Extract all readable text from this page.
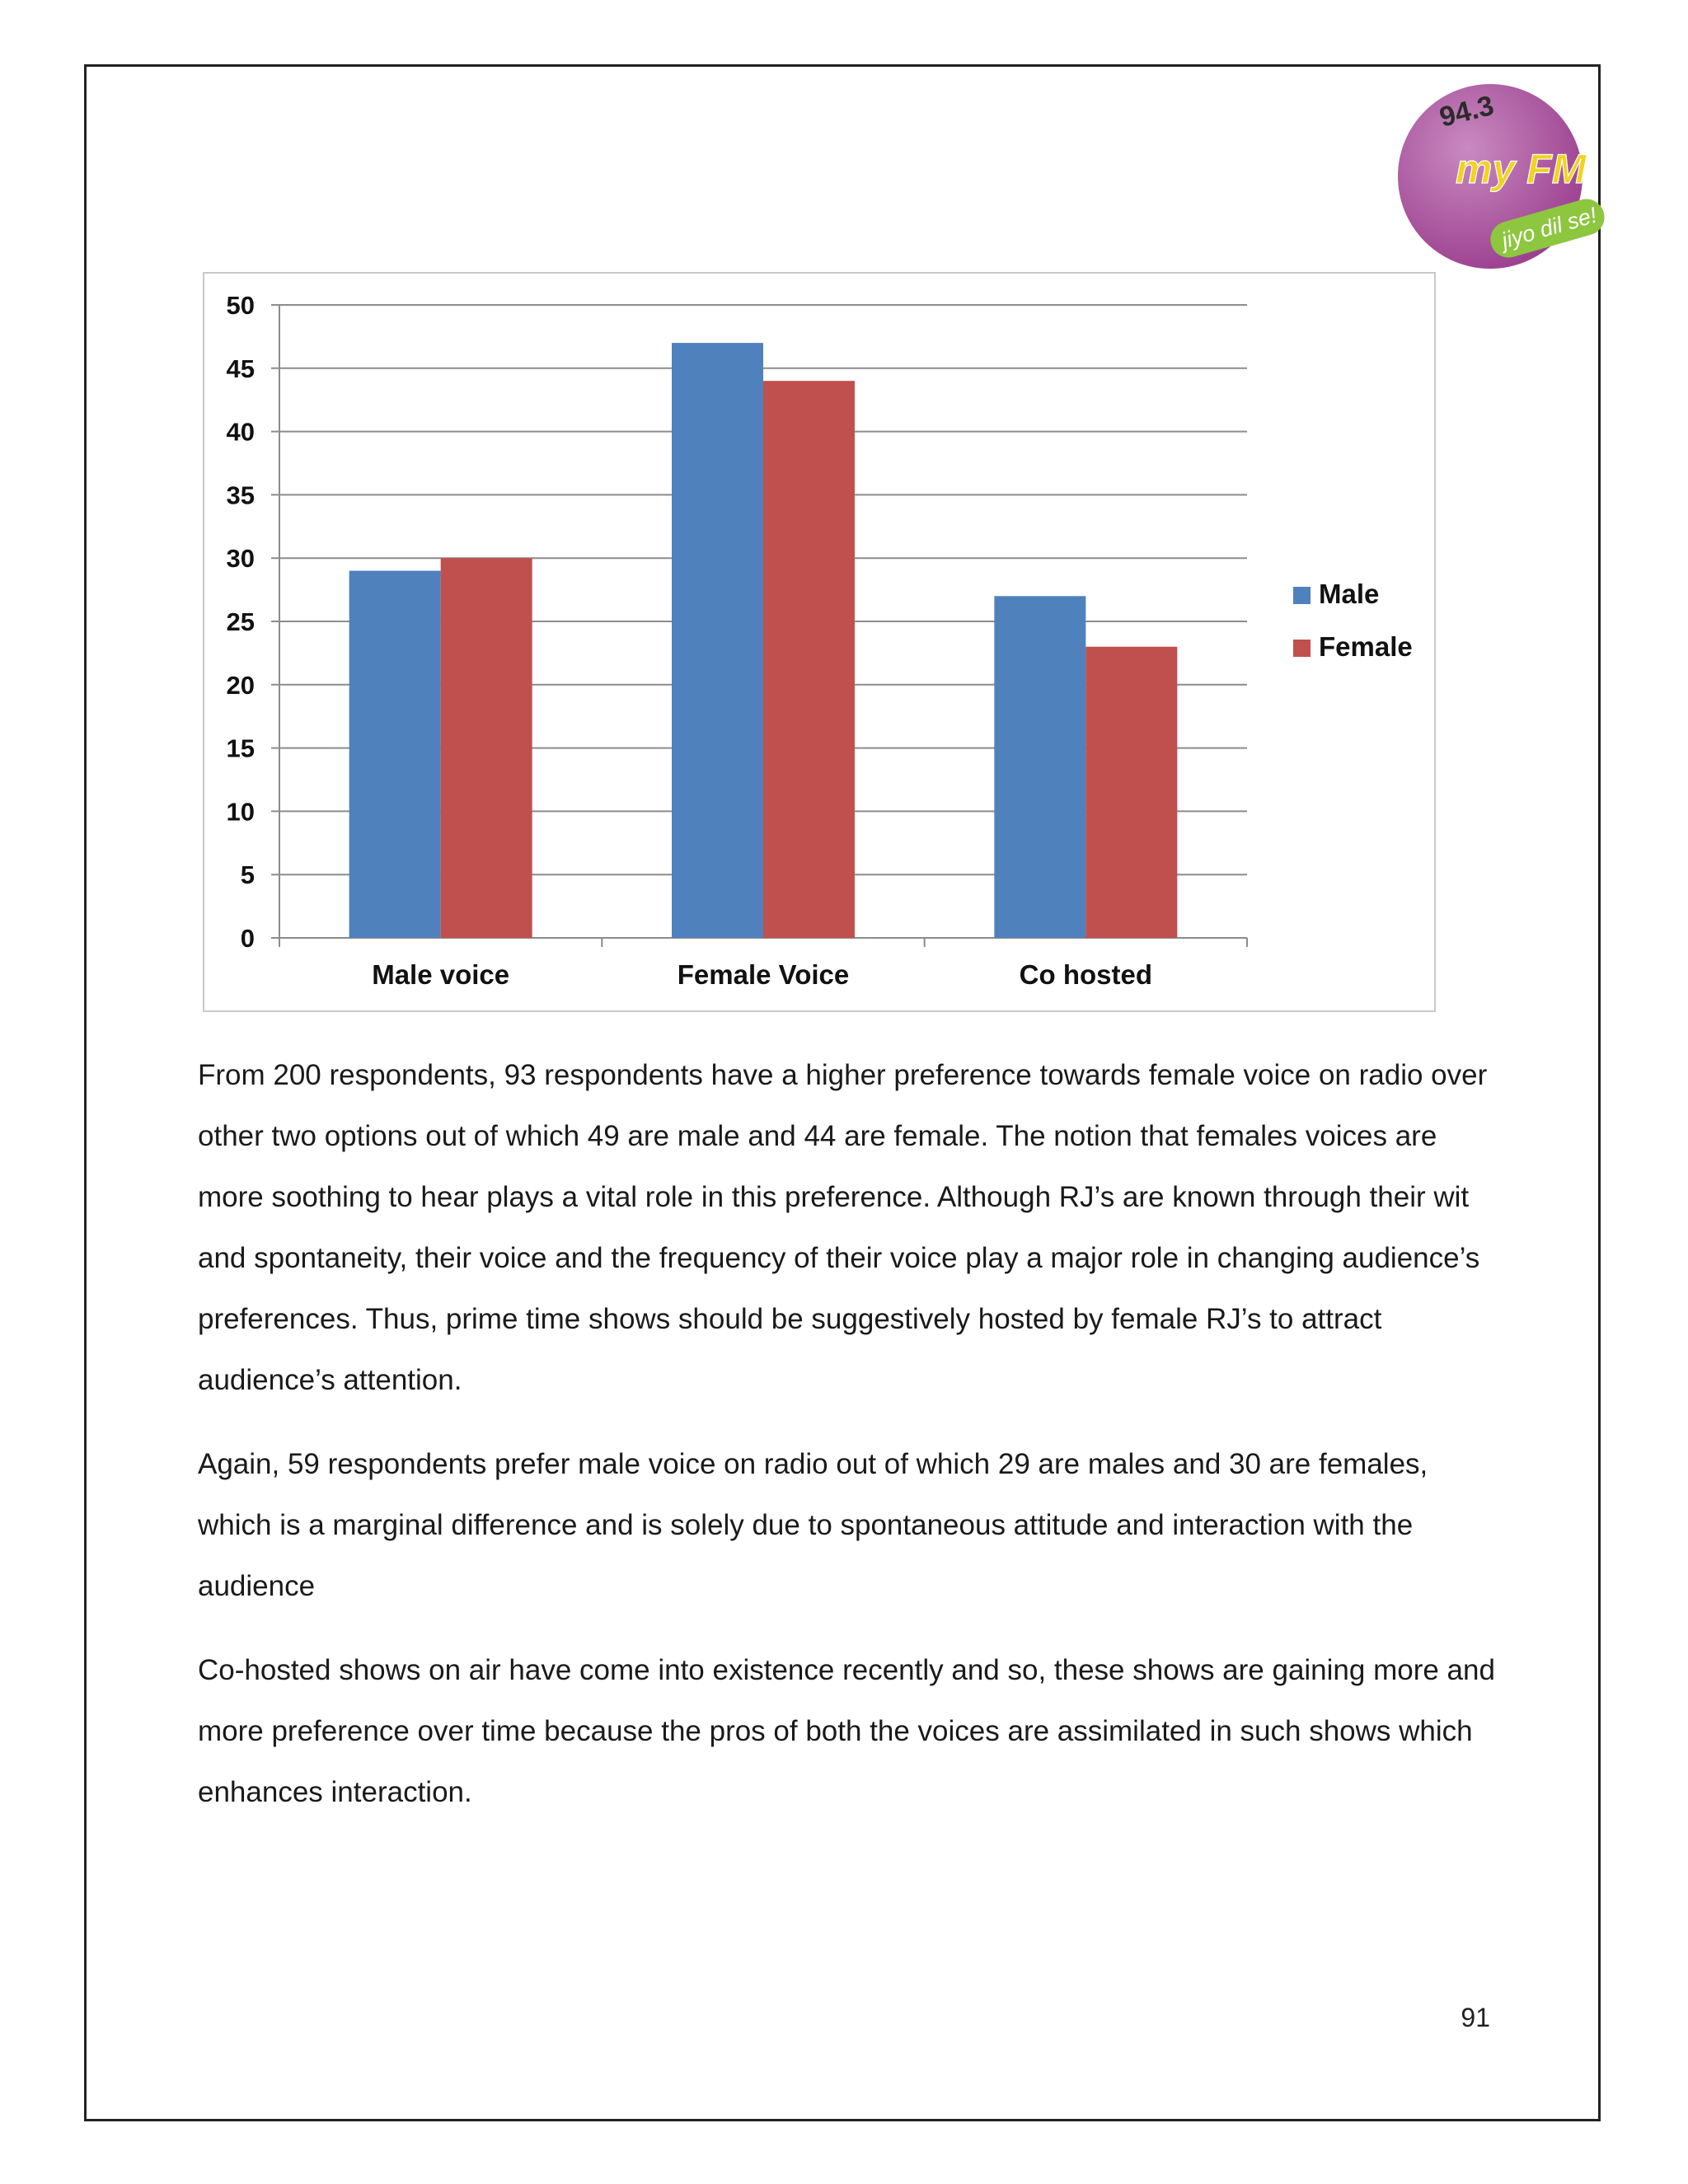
94.3
my FM
jiyo dil se!
0
5
10
15
20
25
30
35
40
45
50
Male voice	Female Voice	Co hosted
Male
Female

From 200 respondents, 93 respondents have a higher preference towards female voice on radio over other two options out of which 49 are male and 44 are female. The notion that females voices are more soothing to hear plays a vital role in this preference. Although RJ’s are known through their wit and spontaneity, their voice and the frequency of their voice play a major role in changing audience’s preferences. Thus, prime time shows should be suggestively hosted by female RJ’s to attract audience’s attention.

Again, 59 respondents prefer male voice on radio out of which 29 are males and 30 are females, which is a marginal difference and is solely due to spontaneous attitude and interaction with the audience

Co-hosted shows on air have come into existence recently and so, these shows are gaining more and more preference over time because the pros of both the voices are assimilated in such shows which enhances interaction.

91
